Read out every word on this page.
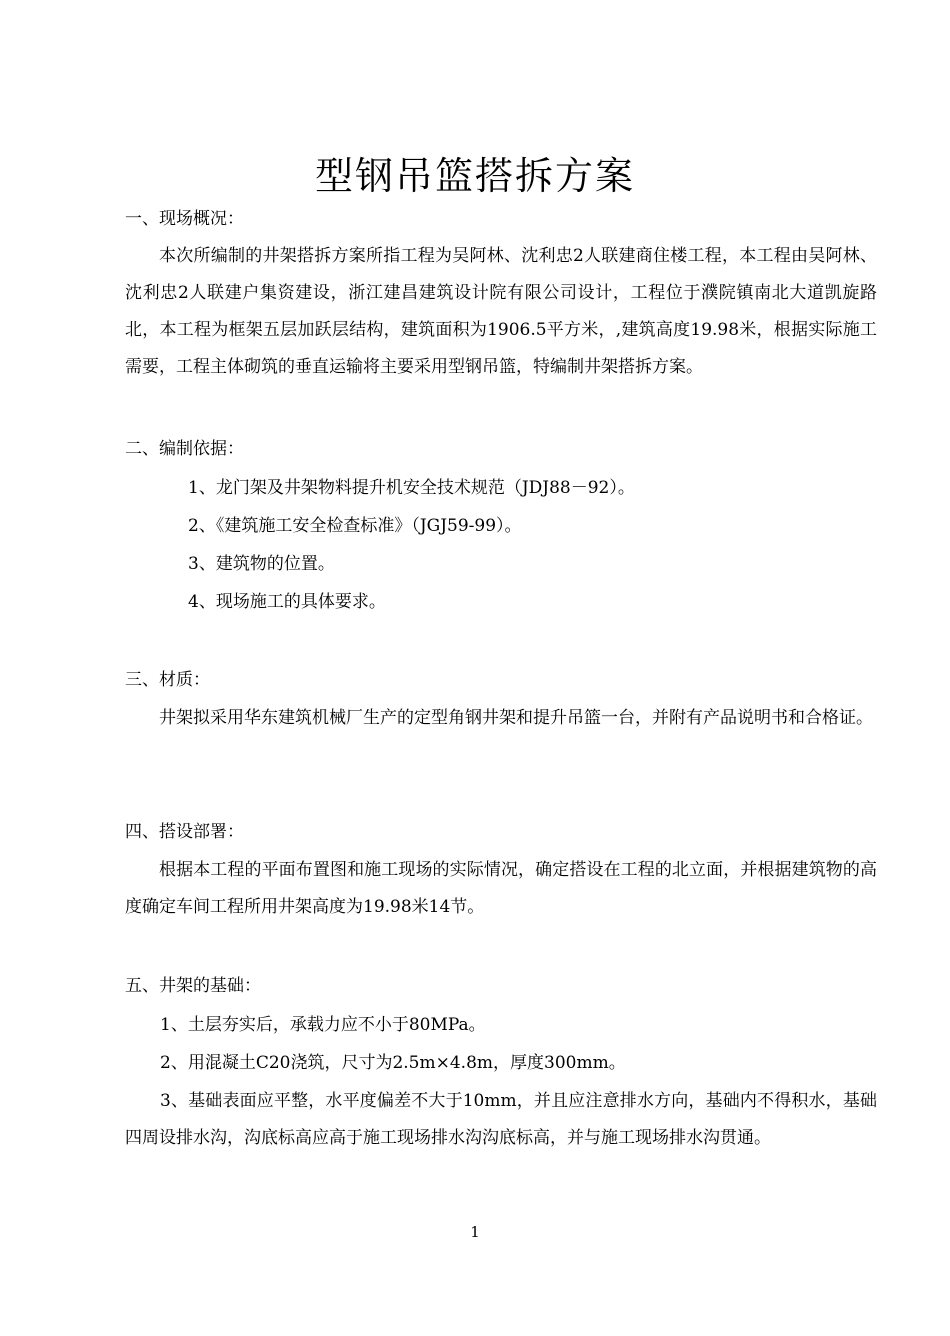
型钢吊篮搭拆方案
一、现场概况：
本次所编制的井架搭拆方案所指工程为吴阿林、沈利忠2人联建商住楼工程，本工程由吴阿林、沈利忠2人联建户集资建设，浙江建昌建筑设计院有限公司设计，工程位于濮院镇南北大道凯旋路北，本工程为框架五层加跃层结构，建筑面积为1906.5平方米，,建筑高度19.98米，根据实际施工需要，工程主体砌筑的垂直运输将主要采用型钢吊篮，特编制井架搭拆方案。
二、编制依据：
1、龙门架及井架物料提升机安全技术规范（JDJ88－92）。
2、《建筑施工安全检查标准》（JGJ59-99）。
3、建筑物的位置。
4、现场施工的具体要求。
三、材质：
井架拟采用华东建筑机械厂生产的定型角钢井架和提升吊篮一台，并附有产品说明书和合格证。
四、搭设部署：
根据本工程的平面布置图和施工现场的实际情况，确定搭设在工程的北立面，并根据建筑物的高度确定车间工程所用井架高度为19.98米14节。
五、井架的基础：
1、土层夯实后，承载力应不小于80MPa。
2、用混凝土C20浇筑，尺寸为2.5m×4.8m，厚度300mm。
3、基础表面应平整，水平度偏差不大于10mm，并且应注意排水方向，基础内不得积水，基础四周设排水沟，沟底标高应高于施工现场排水沟沟底标高，并与施工现场排水沟贯通。
1
